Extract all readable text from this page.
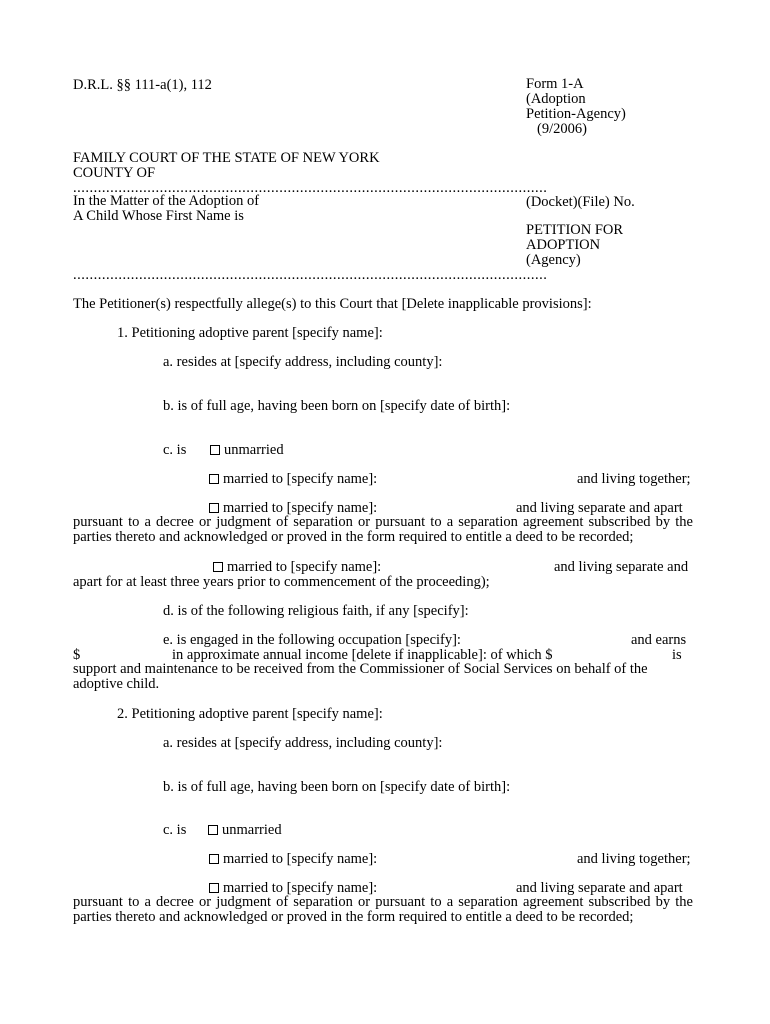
D.R.L. §§ 111-a(1), 112	Form 1-A
(Adoption
Petition-Agency)
(9/2006)
FAMILY COURT OF THE STATE OF NEW YORK
COUNTY OF
...................................................................................................................
In the Matter of the Adoption of
A Child Whose First Name is
(Docket)(File) No.
PETITION FOR
ADOPTION
(Agency)
...................................................................................................................
The Petitioner(s) respectfully allege(s) to this Court that [Delete inapplicable provisions]:
1. Petitioning adoptive parent [specify name]:
a. resides at [specify address, including county]:
b. is of full age, having been born on [specify date of birth]:
c. is	unmarried
married to [specify name]:	and living together;
married to [specify name]:	and living separate and apart
pursuant to a decree or judgment of separation or pursuant to a separation agreement subscribed by the
parties thereto and acknowledged or proved in the form required to entitle a deed to be recorded;
married to [specify name]:	and living separate and
apart for at least three years prior to commencement of the proceeding);
d. is of the following religious faith, if any [specify]:
e. is engaged in the following occupation [specify]:	and earns
$	in approximate annual income [delete if inapplicable]: of which $	is
support and maintenance to be received from the Commissioner of Social Services on behalf of the
adoptive child.
2. Petitioning adoptive parent [specify name]:
a. resides at [specify address, including county]:
b. is of full age, having been born on [specify date of birth]:
c. is	unmarried
married to [specify name]:	and living together;
married to [specify name]:	and living separate and apart
pursuant to a decree or judgment of separation or pursuant to a separation agreement subscribed by the
parties thereto and acknowledged or proved in the form required to entitle a deed to be recorded;
